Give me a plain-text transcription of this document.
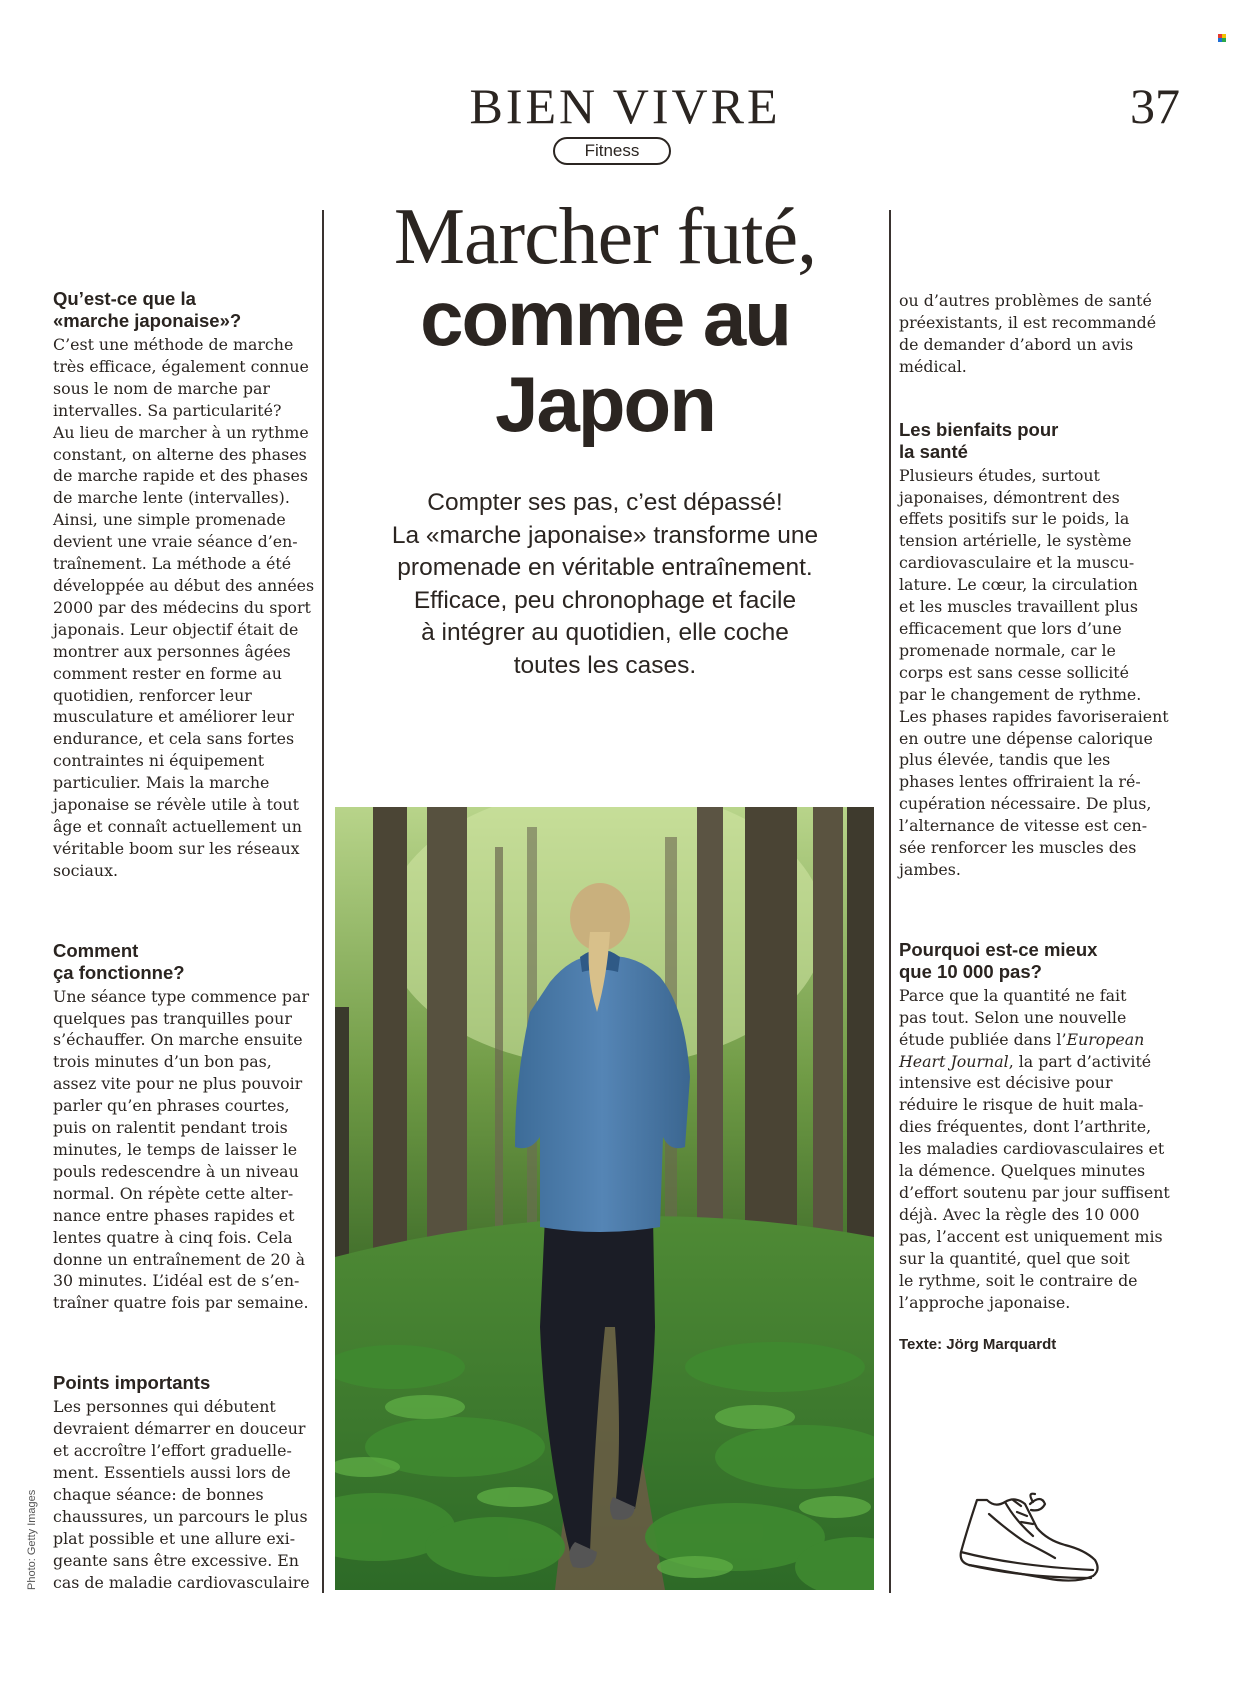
BIEN VIVRE
Fitness
37
Qu’est-ce que la
«marche japonaise»?

C’est une méthode de marche
très efficace, également connue
sous le nom de marche par
intervalles. Sa particularité?
Au lieu de marcher à un rythme
constant, on alterne des phases
de marche rapide et des phases
de marche lente (intervalles).
Ainsi, une simple promenade
devient une vraie séance d’en-
traînement. La méthode a été
développée au début des années
2000 par des médecins du sport
japonais. Leur objectif était de
montrer aux personnes âgées
comment rester en forme au
quotidien, renforcer leur
musculature et améliorer leur
endurance, et cela sans fortes
contraintes ni équipement
particulier. Mais la marche
japonaise se révèle utile à tout
âge et connaît actuellement un
véritable boom sur les réseaux
sociaux.

Comment
ça fonctionne?

Une séance type commence par
quelques pas tranquilles pour
s’échauffer. On marche ensuite
trois minutes d’un bon pas,
assez vite pour ne plus pouvoir
parler qu’en phrases courtes,
puis on ralentit pendant trois
minutes, le temps de laisser le
pouls redescendre à un niveau
normal. On répète cette alter-
nance entre phases rapides et
lentes quatre à cinq fois. Cela
donne un entraînement de 20 à
30 minutes. L’idéal est de s’en-
traîner quatre fois par semaine.

Points importants

Les personnes qui débutent
devraient démarrer en douceur
et accroître l’effort graduelle-
ment. Essentiels aussi lors de
chaque séance: de bonnes
chaussures, un parcours le plus
plat possible et une allure exi-
geante sans être excessive. En
cas de maladie cardiovasculaire

Photo: Getty Images
Marcher futé,
comme au
Japon
Compter ses pas, c’est dépassé!
La «marche japonaise» transforme une
promenade en véritable entraînement.
Efficace, peu chronophage et facile
à intégrer au quotidien, elle coche
toutes les cases.

ou d’autres problèmes de santé
préexistants, il est recommandé
de demander d’abord un avis
médical.

Les bienfaits pour
la santé

Plusieurs études, surtout
japonaises, démontrent des
effets positifs sur le poids, la
tension artérielle, le système
cardiovasculaire et la muscu-
lature. Le cœur, la circulation
et les muscles travaillent plus
efficacement que lors d’une
promenade normale, car le
corps est sans cesse sollicité
par le changement de rythme.
Les phases rapides favoriseraient
en outre une dépense calorique
plus élevée, tandis que les
phases lentes offriraient la ré-
cupération nécessaire. De plus,
l’alternance de vitesse est cen-
sée renforcer les muscles des
jambes.

Pourquoi est-ce mieux
que 10 000 pas?

Parce que la quantité ne fait
pas tout. Selon une nouvelle
étude publiée dans l’European
Heart Journal, la part d’activité
intensive est décisive pour
réduire le risque de huit mala-
dies fréquentes, dont l’arthrite,
les maladies cardiovasculaires et
la démence. Quelques minutes
d’effort soutenu par jour suffisent
déjà. Avec la règle des 10 000
pas, l’accent est uniquement mis
sur la quantité, quel que soit
le rythme, soit le contraire de
l’approche japonaise.

Texte: Jörg Marquardt
